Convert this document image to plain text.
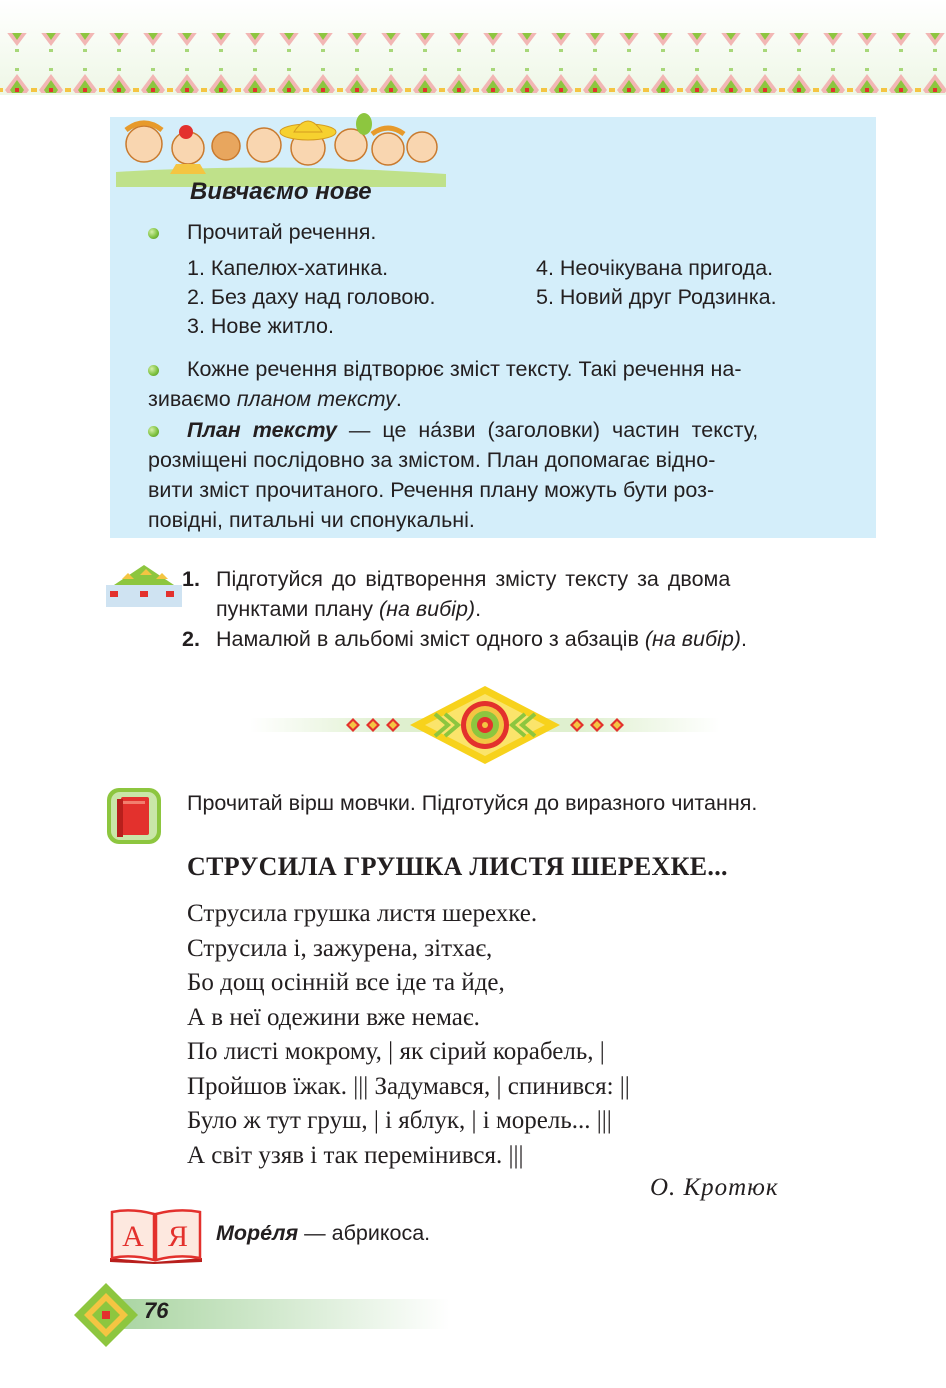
Вивчаємо нове
Прочитай речення.
1. Капелюх-хатинка.
2. Без даху над головою.
3. Нове житло.
4. Неочікувана пригода.
5. Новий друг Родзинка.
Кожне речення відтворює зміст тексту. Такі речення на-
зиваємо планом тексту.
План тексту — це на́зви (заголовки) частин тексту,
розміщені послідовно за змістом. План допомагає відно-
вити зміст прочитаного. Речення плану можуть бути роз-
повідні, питальні чи спонукальні.
1. Підготуйся до відтворення змісту тексту за двома
пунктами плану (на вибір).
2. Намалюй в альбомі зміст одного з абзаців (на вибір).
Прочитай вірш мовчки. Підготуйся до виразного читання.
СТРУСИЛА ГРУШКА ЛИСТЯ ШЕРЕХКЕ...
Струсила грушка листя шерехке.
Струсила і, зажурена, зітхає,
Бо дощ осінній все іде та йде,
А в неї одежини вже немає.
По листі мокрому, | як сірий корабель, |
Пройшов їжак. ||| Задумався, | спинився: ||
Було ж тут груш, | і яблук, | і морель... |||
А світ узяв і так перемінився. |||
О. Кротюк
А Я Море́ля — абрикоса.
76
